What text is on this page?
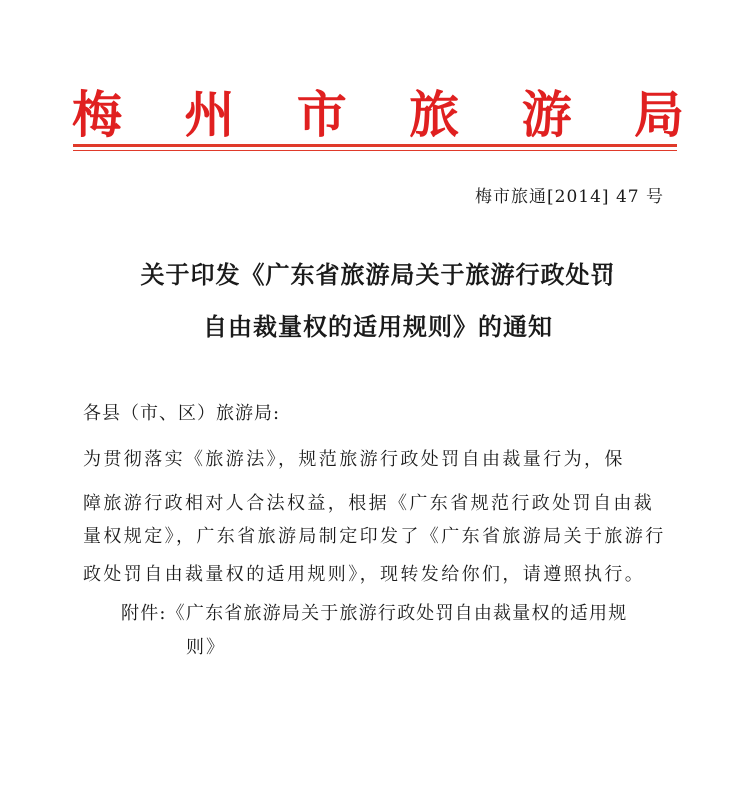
梅 州 市 旅 游 局
梅市旅通[2014] 47 号
关于印发《广东省旅游局关于旅游行政处罚
自由裁量权的适用规则》的通知
各县（市、区）旅游局:
为贯彻落实《旅游法》，规范旅游行政处罚自由裁量行为，保
障旅游行政相对人合法权益，根据《广东省规范行政处罚自由裁
量权规定》，广东省旅游局制定印发了《广东省旅游局关于旅游行
政处罚自由裁量权的适用规则》，现转发给你们，请遵照执行。
附件:《广东省旅游局关于旅游行政处罚自由裁量权的适用规
则》
